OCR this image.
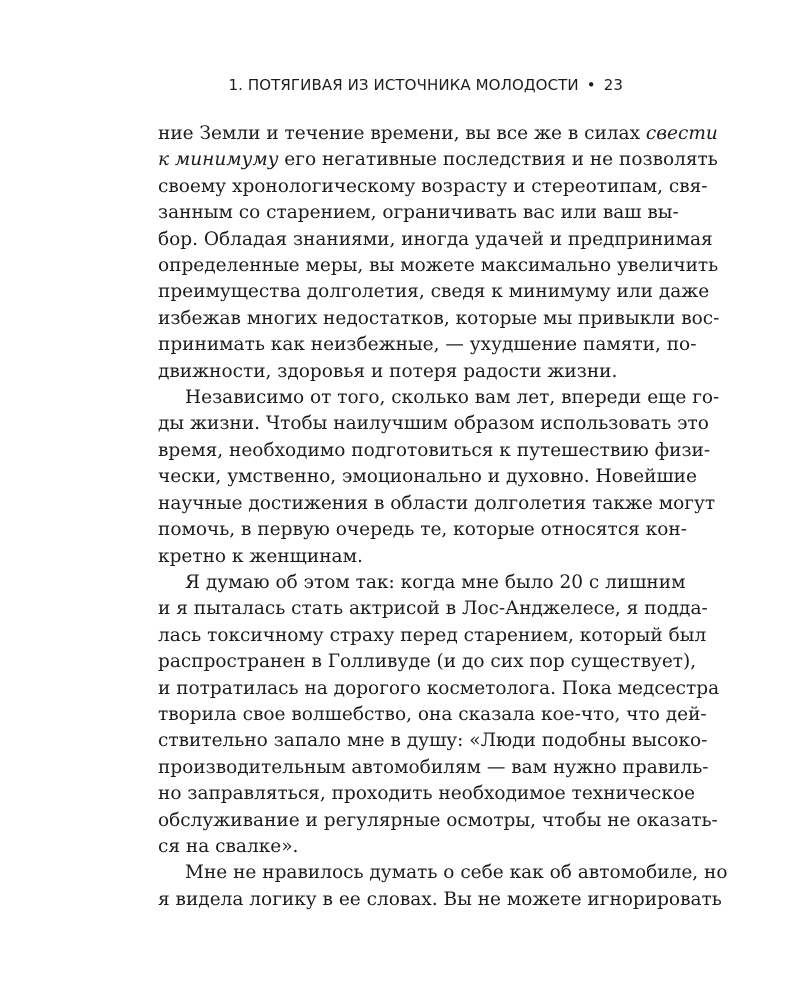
1. ПОТЯГИВАЯ ИЗ ИСТОЧНИКА МОЛОДОСТИ • 23
ние Земли и течение времени, вы все же в силах свести
к минимуму его негативные последствия и не позволять
своему хронологическому возрасту и стереотипам, свя-
занным со старением, ограничивать вас или ваш вы-
бор. Обладая знаниями, иногда удачей и предпринимая
определенные меры, вы можете максимально увеличить
преимущества долголетия, сведя к минимуму или даже
избежав многих недостатков, которые мы привыкли вос-
принимать как неизбежные, — ухудшение памяти, по-
движности, здоровья и потеря радости жизни.
Независимо от того, сколько вам лет, впереди еще го-
ды жизни. Чтобы наилучшим образом использовать это
время, необходимо подготовиться к путешествию физи-
чески, умственно, эмоционально и духовно. Новейшие
научные достижения в области долголетия также могут
помочь, в первую очередь те, которые относятся кон-
кретно к женщинам.
Я думаю об этом так: когда мне было 20 с лишним
и я пыталась стать актрисой в Лос-Анджелесе, я подда-
лась токсичному страху перед старением, который был
распространен в Голливуде (и до сих пор существует),
и потратилась на дорогого косметолога. Пока медсестра
творила свое волшебство, она сказала кое-что, что дей-
ствительно запало мне в душу: «Люди подобны высоко-
производительным автомобилям — вам нужно правиль-
но заправляться, проходить необходимое техническое
обслуживание и регулярные осмотры, чтобы не оказать-
ся на свалке».
Мне не нравилось думать о себе как об автомобиле, но
я видела логику в ее словах. Вы не можете игнорировать
